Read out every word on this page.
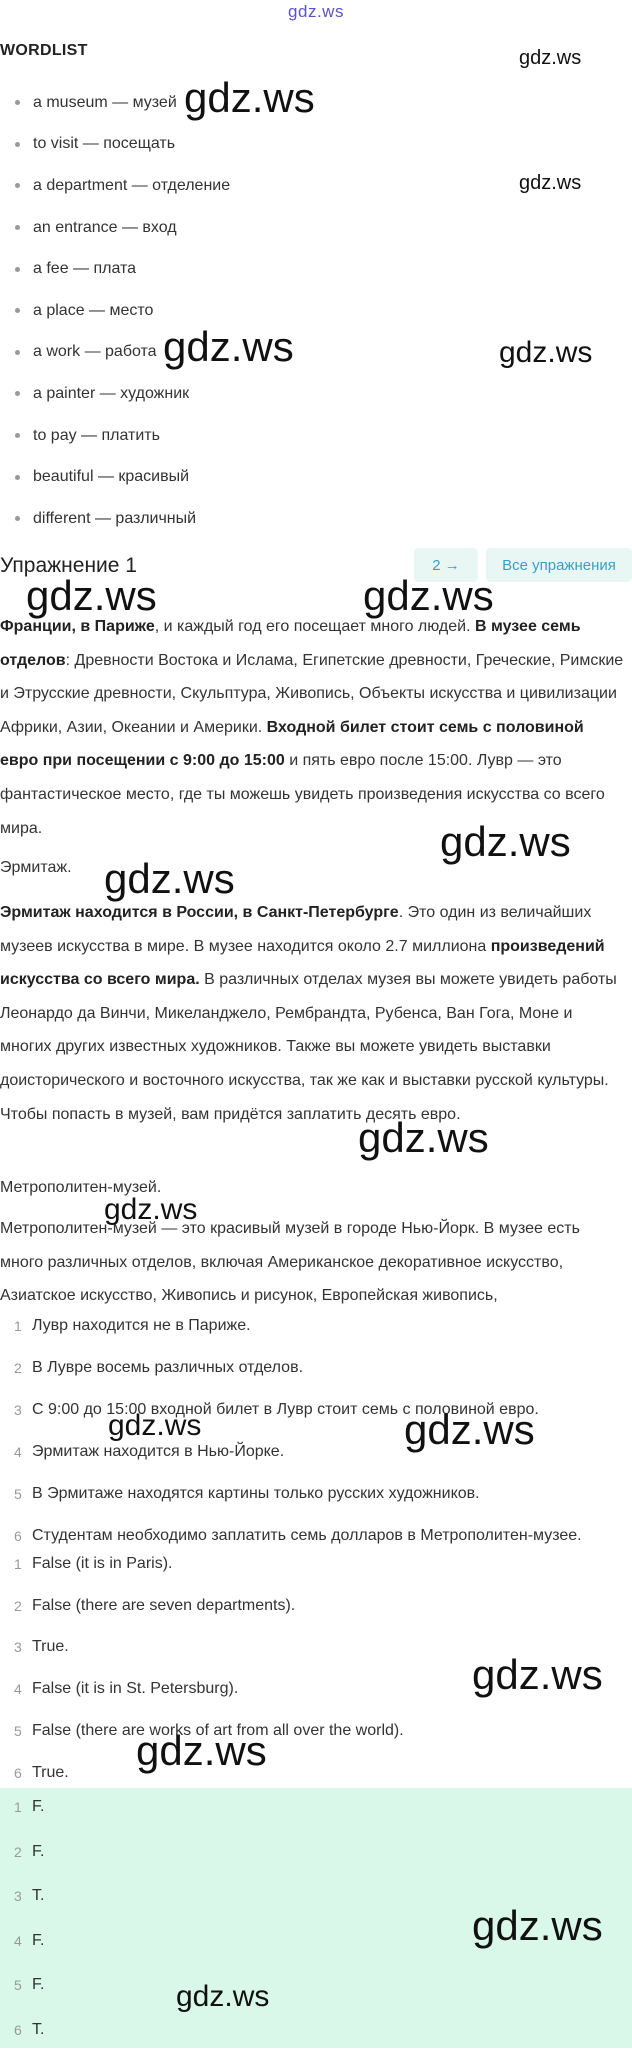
gdz.ws
WORDLIST
a museum — музей
to visit — посещать
a department — отделение
an entrance — вход
a fee — плата
a place — место
a work — работа
a painter — художник
to pay — платить
beautiful — красивый
different — различный
Упражнение 1	2 →	Все упражнения

Франции, в Париже, и каждый год его посещает много людей. В музее семь отделов: Древности Востока и Ислама, Египетские древности, Греческие, Римские и Этрусские древности, Скульптура, Живопись, Объекты искусства и цивилизации Африки, Азии, Океании и Америки. Входной билет стоит семь с половиной евро при посещении с 9:00 до 15:00 и пять евро после 15:00. Лувр — это фантастическое место, где ты можешь увидеть произведения искусства со всего мира.

Эрмитаж.

Эрмитаж находится в России, в Санкт-Петербурге. Это один из величайших музеев искусства в мире. В музее находится около 2.7 миллиона произведений искусства со всего мира. В различных отделах музея вы можете увидеть работы Леонардо да Винчи, Микеланджело, Рембрандта, Рубенса, Ван Гога, Моне и многих других известных художников. Также вы можете увидеть выставки доисторического и восточного искусства, так же как и выставки русской культуры. Чтобы попасть в музей, вам придётся заплатить десять евро.

Метрополитен-музей.

Метрополитен-музей — это красивый музей в городе Нью-Йорк. В музее есть много различных отделов, включая Американское декоративное искусство, Азиатское искусство, Живопись и рисунок, Европейская живопись,

1 Лувр находится не в Париже.
2 В Лувре восемь различных отделов.
3 С 9:00 до 15:00 входной билет в Лувр стоит семь с половиной евро.
4 Эрмитаж находится в Нью-Йорке.
5 В Эрмитаже находятся картины только русских художников.
6 Студентам необходимо заплатить семь долларов в Метрополитен-музее.
1 False (it is in Paris).
2 False (there are seven departments).
3 True.
4 False (it is in St. Petersburg).
5 False (there are works of art from all over the world).
6 True.
1 F.
2 F.
3 T.
4 F.
5 F.
6 T.
gdz.ws
gdz.ws
gdz.ws
gdz.ws	gdz.ws
gdz.ws	gdz.ws
gdz.ws
gdz.ws
gdz.ws
gdz.ws
gdz.ws	gdz.ws
gdz.ws
gdz.ws
gdz.ws
gdz.ws
